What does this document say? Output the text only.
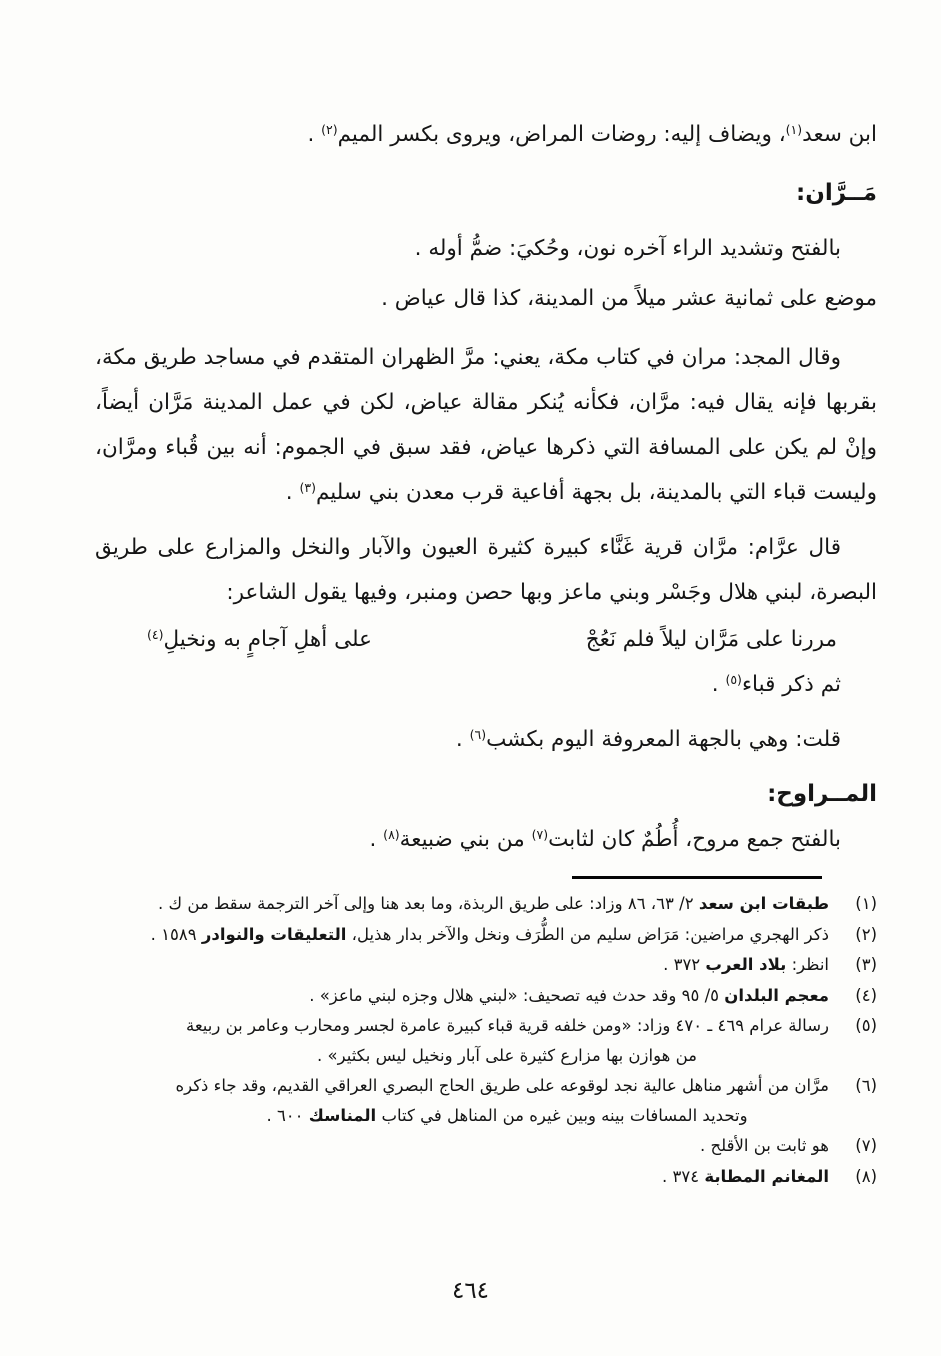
ابن سعد$^{(١)}$، ويضاف إليه: روضات المراض، ويروى بكسر الميم$^{(٢)}$ .

مَــرَّان:

بالفتح وتشديد الراء آخره نون، وحُكيَ: ضمُّ أوله .

موضع على ثمانية عشر ميلاً من المدينة، كذا قال عياض .

وقال المجد: مران في كتاب مكة، يعني: مرَّ الظهران المتقدم في مساجد طريق مكة، بقربها فإنه يقال فيه: مرَّان، فكأنه يُنكر مقالة عياض، لكن في عمل المدينة مَرَّان أيضاً، وإنْ لم يكن على المسافة التي ذكرها عياض، فقد سبق في الجموم: أنه بين قُباء ومرَّان، وليست قباء التي بالمدينة، بل بجهة أفاعية قرب معدن بني سليم$^{(٣)}$ .

قال عرَّام: مرَّان قرية غَنَّاء كبيرة كثيرة العيون والآبار والنخل والمزارع على طريق البصرة، لبني هلال وجَسْر وبني ماعز وبها حصن ومنبر، وفيها يقول الشاعر:

مررنا على مَرَّان ليلاً فلم نَعُجْ
على أهلِ آجامٍ به ونخيلِ$^{(٤)}$

ثم ذكر قباء$^{(٥)}$ .

قلت: وهي بالجهة المعروفة اليوم بكشب$^{(٦)}$ .

المــراوح:

بالفتح جمع مروح، أُطُمٌ كان لثابت$^{(٧)}$ من بني ضبيعة$^{(٨)}$ .

(١)
طبقات ابن سعد ٢/ ٦٣، ٨٦ وزاد: على طريق الربذة، وما بعد هنا وإلى آخر الترجمة سقط من ك .
(٢)
ذكر الهجري مراضين: مَرَاض سليم من الطُّرَف ونخل والآخر بدار هذيل، التعليقات والنوادر ١٥٨٩ .
(٣)
انظر: بلاد العرب ٣٧٢ .
(٤)
معجم البلدان ٥/ ٩٥ وقد حدث فيه تصحيف: «لبني هلال وجزه لبني ماعز» .
(٥)
رسالة عرام ٤٦٩ ـ ٤٧٠ وزاد: «ومن خلفه قرية قباء كبيرة عامرة لجسر ومحارب وعامر بن ربيعة
من هوازن بها مزارع كثيرة على آبار ونخيل ليس بكثير» .
(٦)
مرَّان من أشهر مناهل عالية نجد لوقوعه على طريق الحاج البصري العراقي القديم، وقد جاء ذكره
وتحديد المسافات بينه وبين غيره من المناهل في كتاب المناسك ٦٠٠ .
(٧)
هو ثابت بن الأقلح .
(٨)
المغانم المطابة ٣٧٤ .
٤٦٤
